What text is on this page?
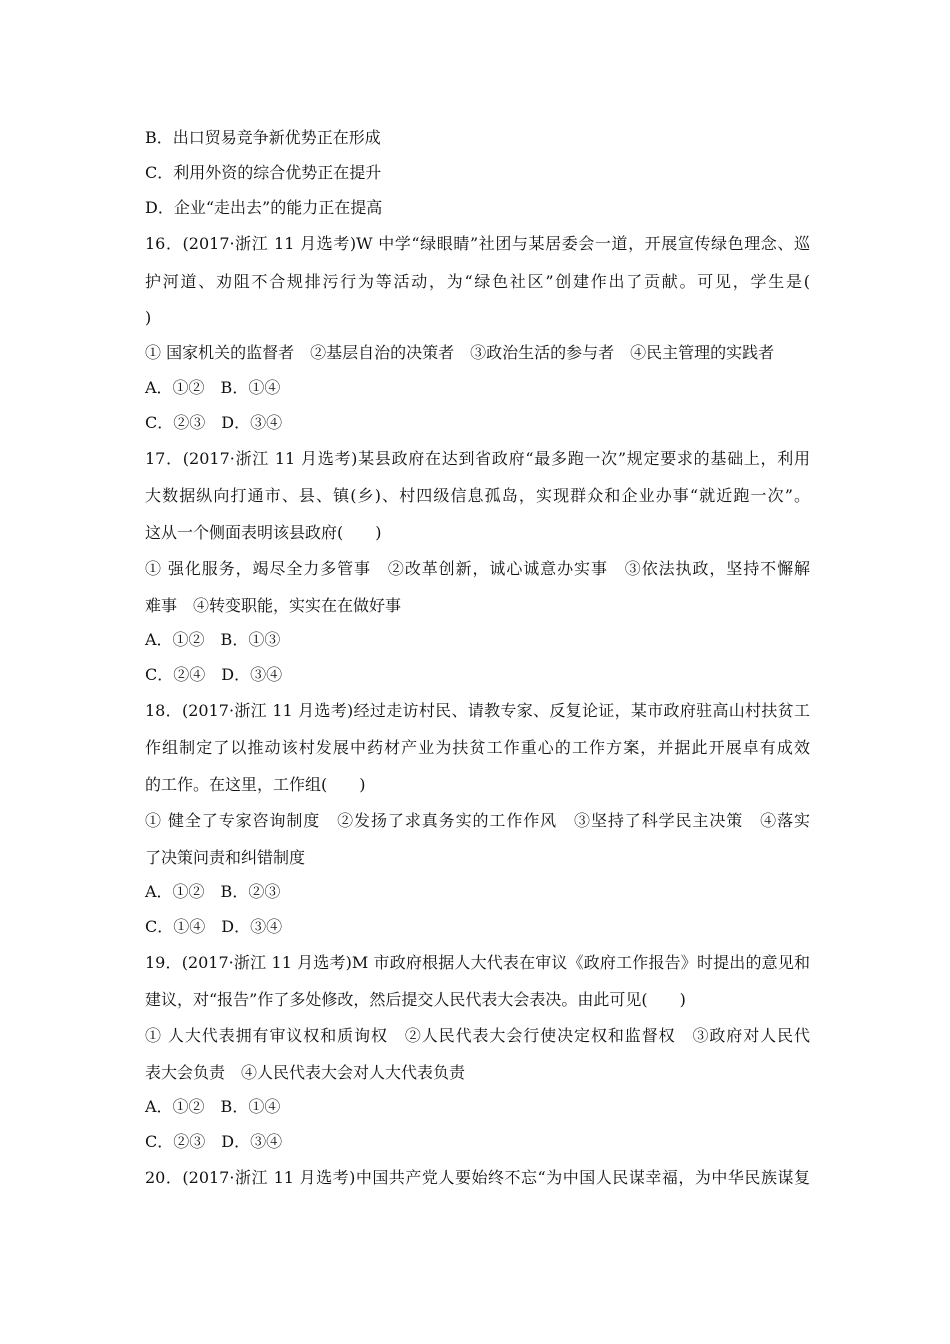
B．出口贸易竞争新优势正在形成
C．利用外资的综合优势正在提升
D．企业“走出去”的能力正在提高
16．(2017·浙江 11 月选考)W 中学“绿眼睛”社团与某居委会一道，开展宣传绿色理念、巡
护河道、劝阻不合规排污行为等活动，为“绿色社区”创建作出了贡献。可见，学生是(
)
① 国家机关的监督者　②基层自治的决策者　③政治生活的参与者　④民主管理的实践者
A．①②　B．①④
C．②③　D．③④
17．(2017·浙江 11 月选考)某县政府在达到省政府“最多跑一次”规定要求的基础上，利用
大数据纵向打通市、县、镇(乡)、村四级信息孤岛，实现群众和企业办事“就近跑一次”。
这从一个侧面表明该县政府(　　)
① 强化服务，竭尽全力多管事　②改革创新，诚心诚意办实事　③依法执政，坚持不懈解
难事　④转变职能，实实在在做好事
A．①②　B．①③
C．②④　D．③④
18．(2017·浙江 11 月选考)经过走访村民、请教专家、反复论证，某市政府驻高山村扶贫工
作组制定了以推动该村发展中药材产业为扶贫工作重心的工作方案，并据此开展卓有成效
的工作。在这里，工作组(　　)
① 健全了专家咨询制度　②发扬了求真务实的工作作风　③坚持了科学民主决策　④落实
了决策问责和纠错制度
A．①②　B．②③
C．①④　D．③④
19．(2017·浙江 11 月选考)M 市政府根据人大代表在审议《政府工作报告》时提出的意见和
建议，对“报告”作了多处修改，然后提交人民代表大会表决。由此可见(　　)
① 人大代表拥有审议权和质询权　②人民代表大会行使决定权和监督权　③政府对人民代
表大会负责　④人民代表大会对人大代表负责
A．①②　B．①④
C．②③　D．③④
20．(2017·浙江 11 月选考)中国共产党人要始终不忘“为中国人民谋幸福，为中华民族谋复
